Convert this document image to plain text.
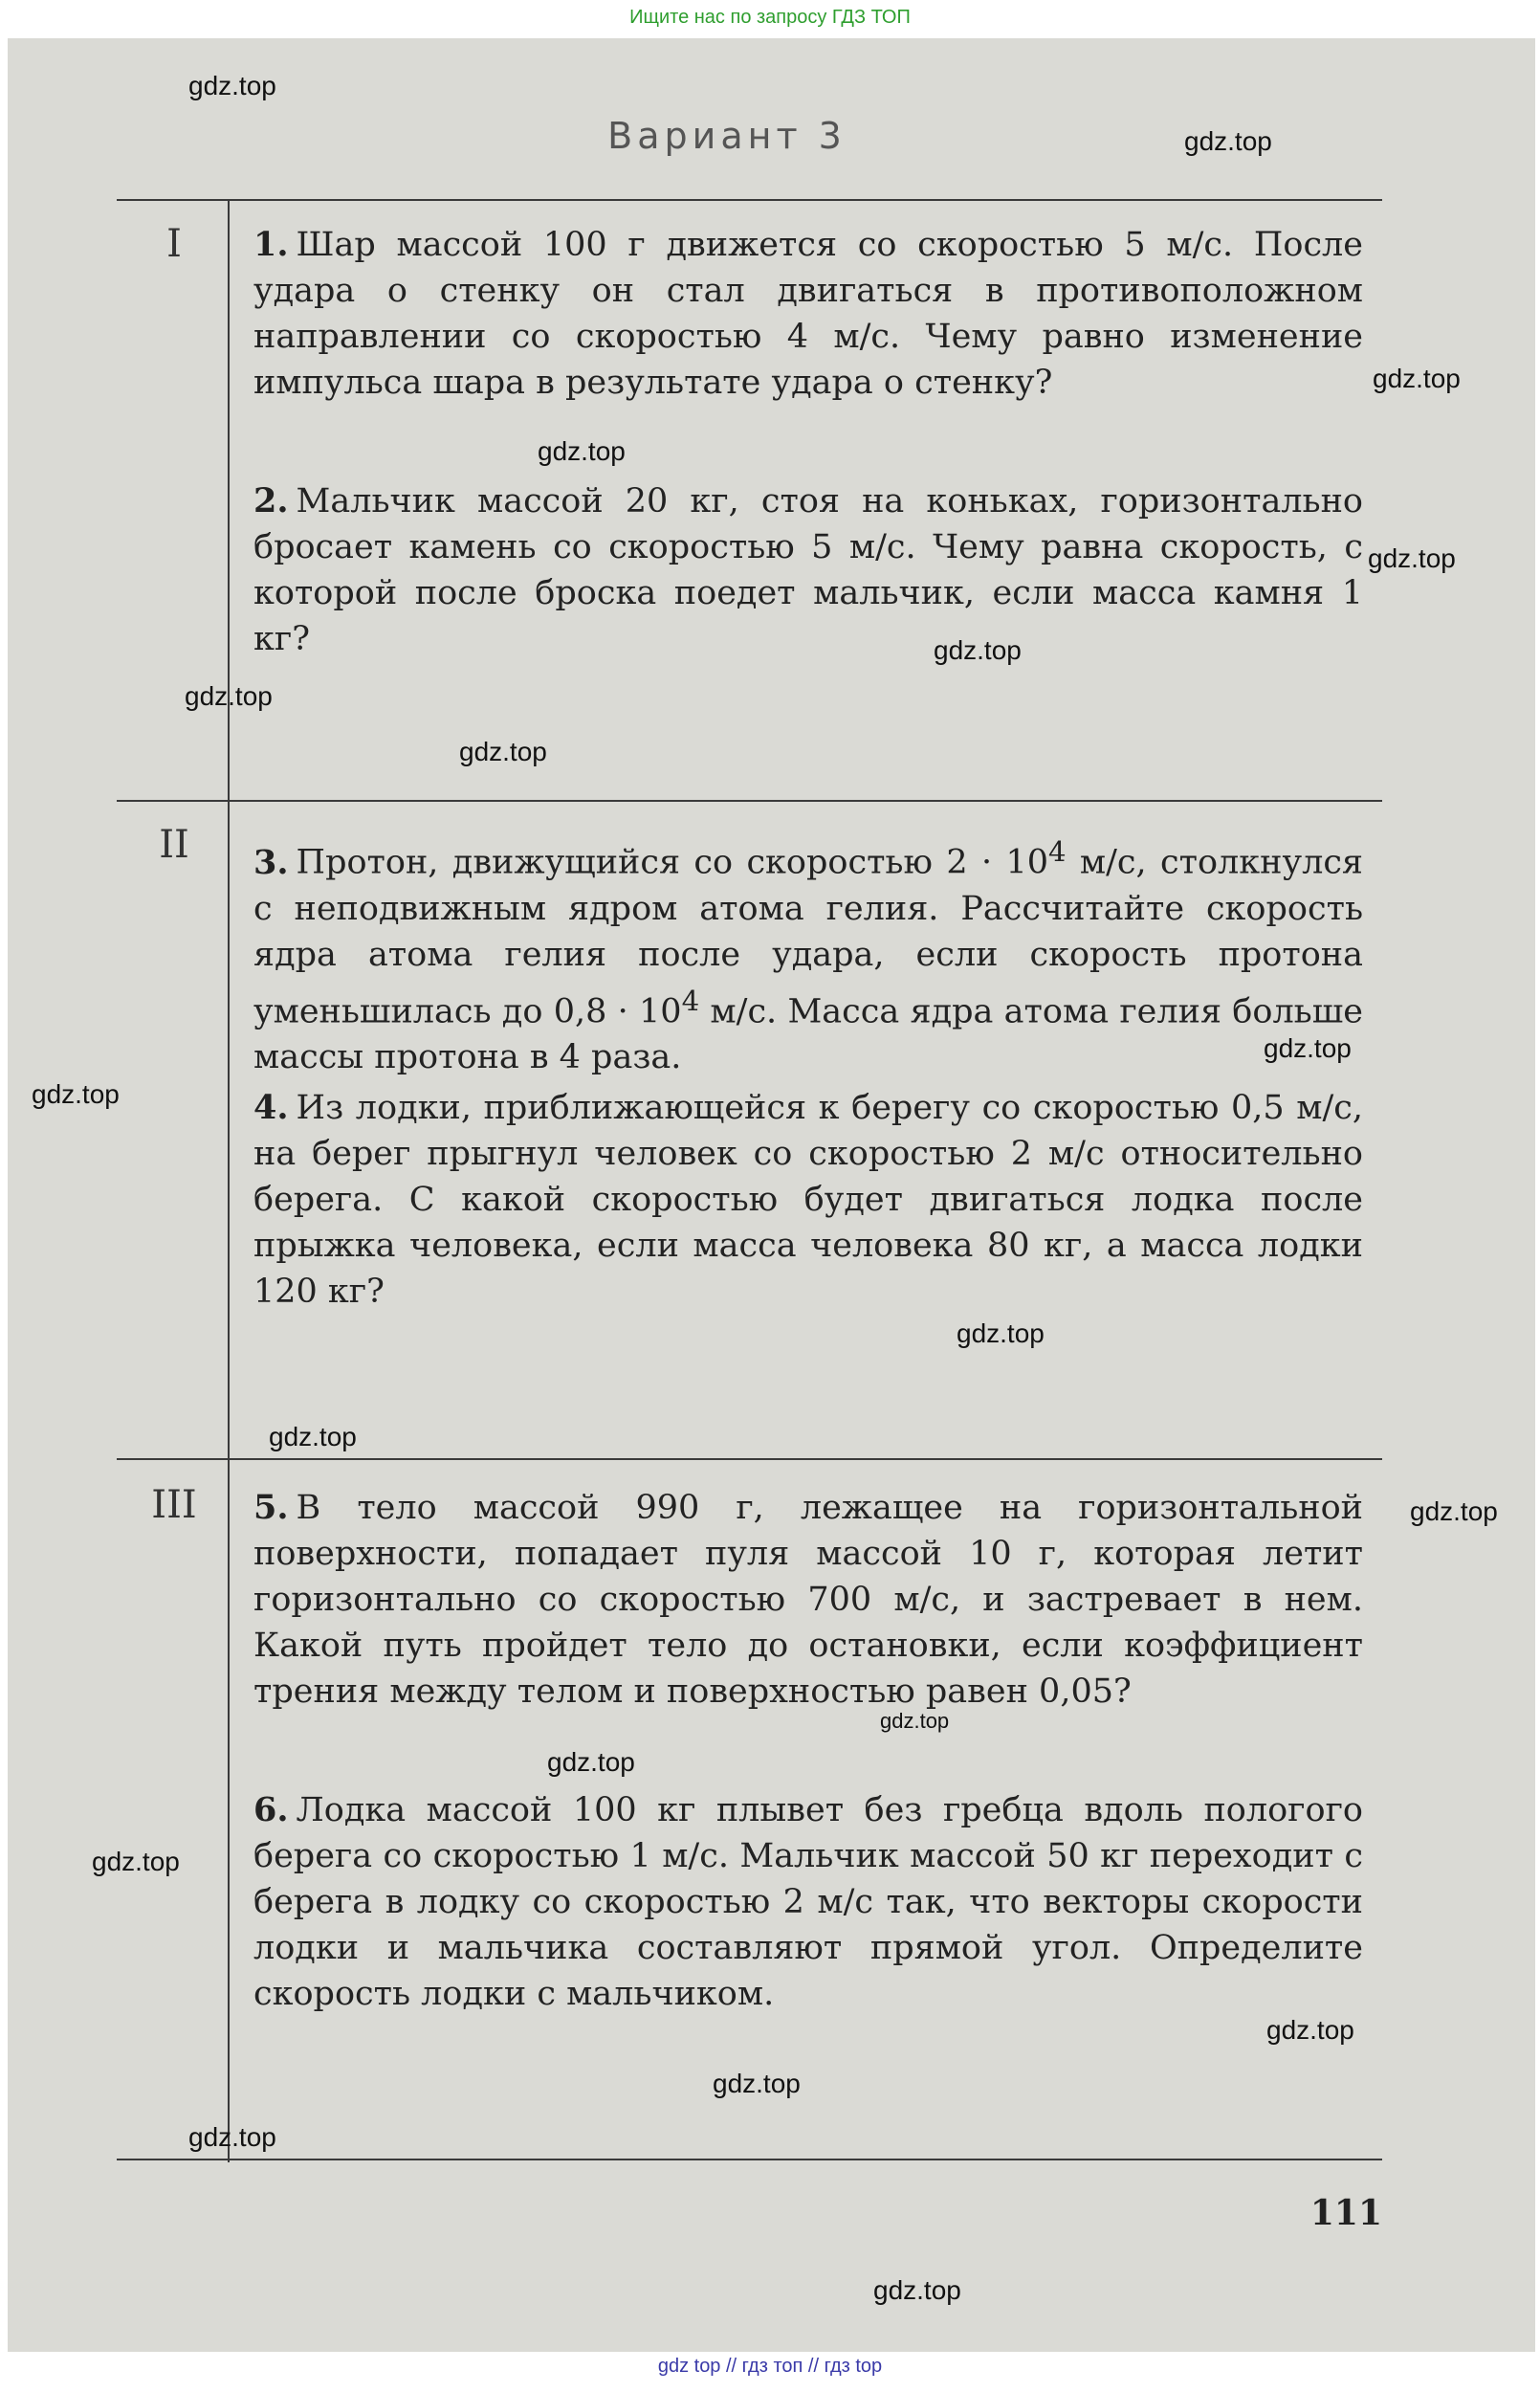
Ищите нас по запросу ГДЗ ТОП
Вариант 3
I	1. Шар массой 100 г движется со скоростью 5 м/с. После удара о стенку он стал двигаться в противоположном направлении со скоростью 4 м/с. Чему равно изменение импульса шара в результате удара о стенку?

2. Мальчик массой 20 кг, стоя на коньках, горизонтально бросает камень со скоростью 5 м/с. Чему равна скорость, с которой после броска поедет мальчик, если масса камня 1 кг?

II	3. Протон, движущийся со скоростью $2 \cdot 10^4$ м/с, столкнулся с неподвижным ядром атома гелия. Рассчитайте скорость ядра атома гелия после удара, если скорость протона уменьшилась до $0,8 \cdot 10^4$ м/с. Масса ядра атома гелия больше массы протона в 4 раза.

4. Из лодки, приближающейся к берегу со скоростью 0,5 м/с, на берег прыгнул человек со скоростью 2 м/с относительно берега. С какой скоростью будет двигаться лодка после прыжка человека, если масса человека 80 кг, а масса лодки 120 кг?

III	5. В тело массой 990 г, лежащее на горизонтальной поверхности, попадает пуля массой 10 г, которая летит горизонтально со скоростью 700 м/с, и застревает в нем. Какой путь пройдет тело до остановки, если коэффициент трения между телом и поверхностью равен 0,05?

6. Лодка массой 100 кг плывет без гребца вдоль пологого берега со скоростью 1 м/с. Мальчик массой 50 кг переходит с берега в лодку со скоростью 2 м/с так, что векторы скорости лодки и мальчика составляют прямой угол. Определите скорость лодки с мальчиком.

111
gdz.top
gdz.top
gdz.top
gdz.top
gdz.top
gdz.top
gdz.top
gdz.top
gdz.top
gdz.top
gdz.top
gdz.top
gdz.top
gdz.top
gdz.top
gdz.top
gdz.top
gdz.top
gdz.top
gdz.top
gdz top // гдз топ // гдз top
